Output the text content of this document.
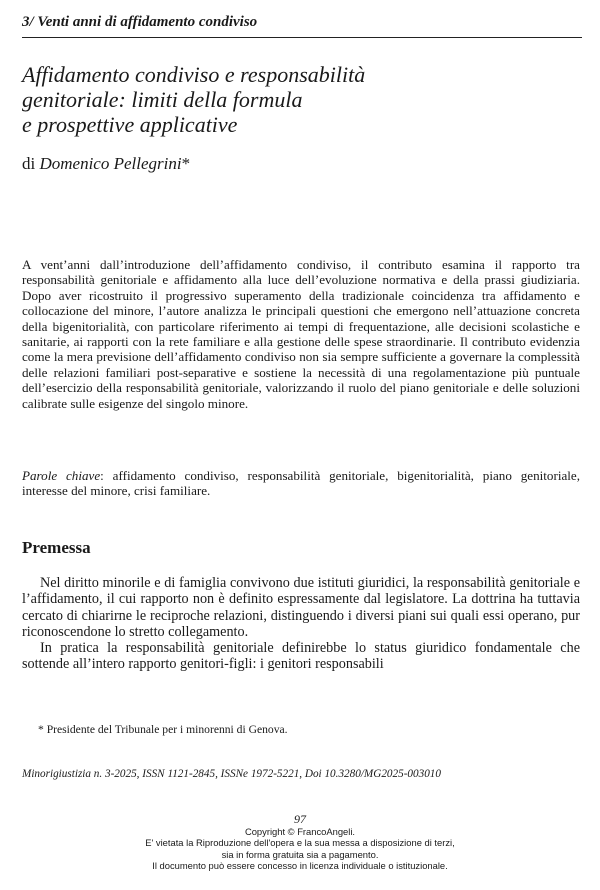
3/ Venti anni di affidamento condiviso
Affidamento condiviso e responsabilità
genitoriale: limiti della formula
e prospettive applicative
di Domenico Pellegrini*
A vent’anni dall’introduzione dell’affidamento condiviso, il contributo esamina il rapporto tra responsabilità genitoriale e affidamento alla luce dell’evoluzione normativa e della prassi giudiziaria. Dopo aver ricostruito il progressivo superamento della tradizionale coincidenza tra affidamento e collocazione del minore, l’autore analizza le principali questioni che emergono nell’attuazione concreta della bigenitorialità, con particolare riferimento ai tempi di frequentazione, alle decisioni scolastiche e sanitarie, ai rapporti con la rete familiare e alla gestione delle spese straordinarie. Il contributo evidenzia come la mera previsione dell’affidamento condiviso non sia sempre sufficiente a governare la complessità delle relazioni familiari post-separative e sostiene la necessità di una regolamentazione più puntuale dell’esercizio della responsabilità genitoriale, valorizzando il ruolo del piano genitoriale e delle soluzioni calibrate sulle esigenze del singolo minore.
Parole chiave: affidamento condiviso, responsabilità genitoriale, bigenitorialità, piano genitoriale, interesse del minore, crisi familiare.
Premessa

Nel diritto minorile e di famiglia convivono due istituti giuridici, la responsabilità genitoriale e l’affidamento, il cui rapporto non è definito espressamente dal legislatore. La dottrina ha tuttavia cercato di chiarirne le reciproche relazioni, distinguendo i diversi piani sui quali essi operano, pur riconoscendone lo stretto collegamento.

In pratica la responsabilità genitoriale definirebbe lo status giuridico fondamentale che sottende all’intero rapporto genitori-figli: i genitori responsabili

* Presidente del Tribunale per i minorenni di Genova.
Minorigiustizia n. 3-2025, ISSN 1121-2845, ISSNe 1972-5221, Doi 10.3280/MG2025-003010
97
Copyright © FrancoAngeli.
E' vietata la Riproduzione dell'opera e la sua messa a disposizione di terzi,
sia in forma gratuita sia a pagamento.
Il documento può essere concesso in licenza individuale o istituzionale.
